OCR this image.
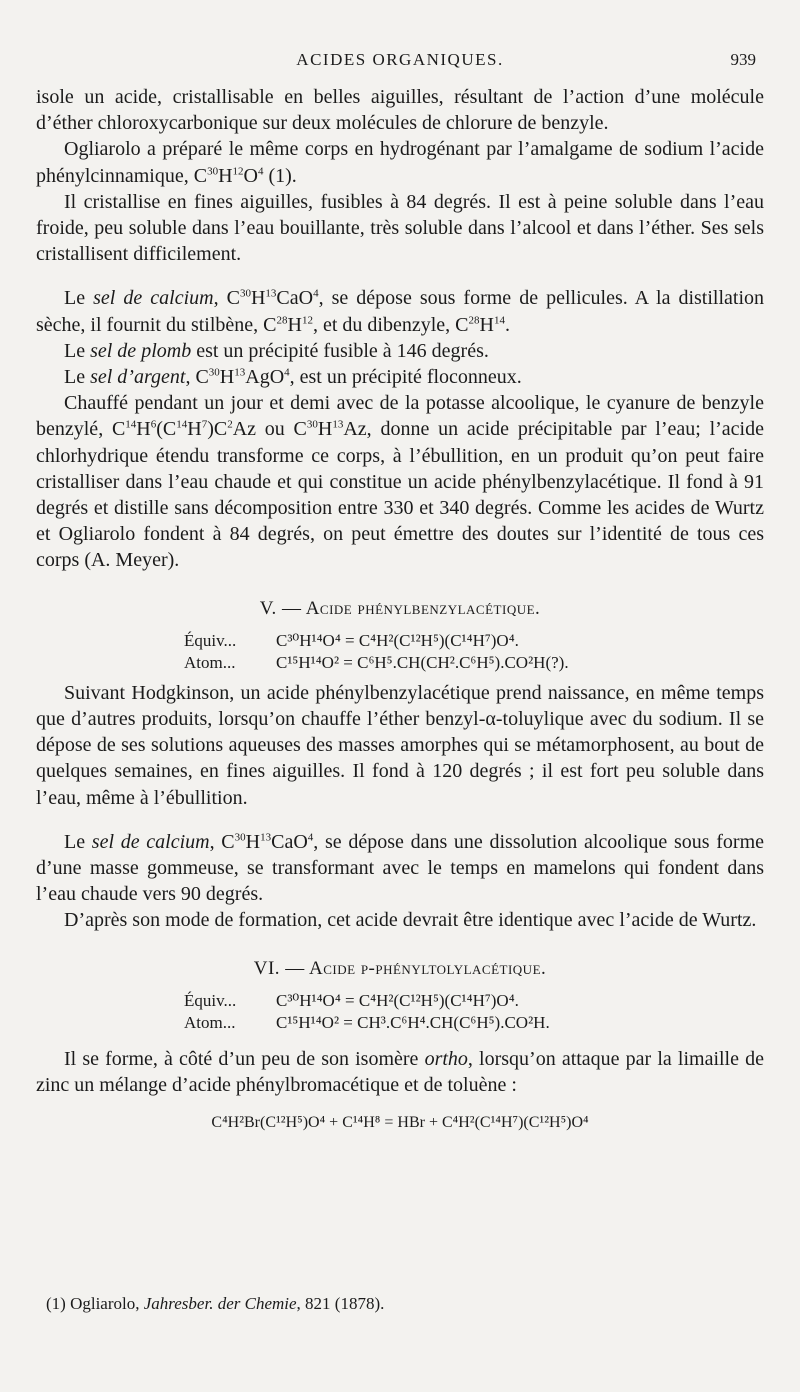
ACIDES ORGANIQUES.	939

isole un acide, cristallisable en belles aiguilles, résultant de l’action d’une molécule d’éther chloroxycarbonique sur deux molécules de chlorure de benzyle.

Ogliarolo a préparé le même corps en hydrogénant par l’amalgame de sodium l’acide phénylcinnamique, $C^{30}H^{12}O^4$ (1).

Il cristallise en fines aiguilles, fusibles à 84 degrés. Il est à peine soluble dans l’eau froide, peu soluble dans l’eau bouillante, très soluble dans l’alcool et dans l’éther. Ses sels cristallisent difficilement.

Le sel de calcium, $C^{30}H^{13}CaO^4$, se dépose sous forme de pellicules. A la distillation sèche, il fournit du stilbène, $C^{28}H^{12}$, et du dibenzyle, $C^{28}H^{14}$.

Le sel de plomb est un précipité fusible à 146 degrés.

Le sel d’argent, $C^{30}H^{13}AgO^4$, est un précipité floconneux.

Chauffé pendant un jour et demi avec de la potasse alcoolique, le cyanure de benzyle benzylé, $C^{14}H^6(C^{14}H^7)C^2Az$ ou $C^{30}H^{13}Az$, donne un acide précipitable par l’eau; l’acide chlorhydrique étendu transforme ce corps, à l’ébullition, en un produit qu’on peut faire cristalliser dans l’eau chaude et qui constitue un acide phénylbenzylacétique. Il fond à 91 degrés et distille sans décomposition entre 330 et 340 degrés. Comme les acides de Wurtz et Ogliarolo fondent à 84 degrés, on peut émettre des doutes sur l’identité de tous ces corps (A. Meyer).

V. — Acide phénylbenzylacétique.
Équiv...	C³⁰H¹⁴O⁴ = C⁴H²(C¹²H⁵)(C¹⁴H⁷)O⁴.
Atom...	C¹⁵H¹⁴O² = C⁶H⁵.CH(CH².C⁶H⁵).CO²H(?).

Suivant Hodgkinson, un acide phénylbenzylacétique prend naissance, en même temps que d’autres produits, lorsqu’on chauffe l’éther benzyl-α-toluylique avec du sodium. Il se dépose de ses solutions aqueuses des masses amorphes qui se métamorphosent, au bout de quelques semaines, en fines aiguilles. Il fond à 120 degrés ; il est fort peu soluble dans l’eau, même à l’ébullition.

Le sel de calcium, $C^{30}H^{13}CaO^4$, se dépose dans une dissolution alcoolique sous forme d’une masse gommeuse, se transformant avec le temps en mamelons qui fondent dans l’eau chaude vers 90 degrés.

D’après son mode de formation, cet acide devrait être identique avec l’acide de Wurtz.

VI. — Acide p-phényltolylacétique.
Équiv...	C³⁰H¹⁴O⁴ = C⁴H²(C¹²H⁵)(C¹⁴H⁷)O⁴.
Atom...	C¹⁵H¹⁴O² = CH³.C⁶H⁴.CH(C⁶H⁵).CO²H.

Il se forme, à côté d’un peu de son isomère ortho, lorsqu’on attaque par la limaille de zinc un mélange d’acide phénylbromacétique et de toluène :

C⁴H²Br(C¹²H⁵)O⁴ + C¹⁴H⁸ = HBr + C⁴H²(C¹⁴H⁷)(C¹²H⁵)O⁴
(1) Ogliarolo, Jahresber. der Chemie, 821 (1878).
